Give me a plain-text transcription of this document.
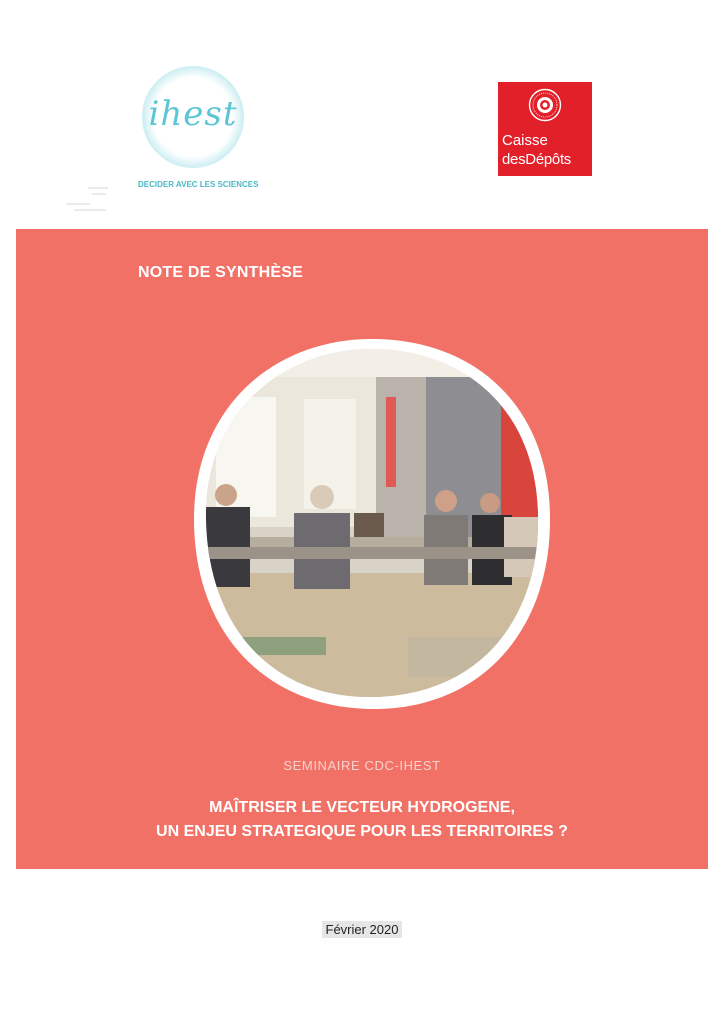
ihest
DECIDER AVEC LES SCIENCES
Caisse
desDépôts
NOTE DE SYNTHÈSE
SEMINAIRE CDC-IHEST
MAÎTRISER LE VECTEUR HYDROGENE,
UN ENJEU STRATEGIQUE POUR LES TERRITOIRES ?
Février 2020
